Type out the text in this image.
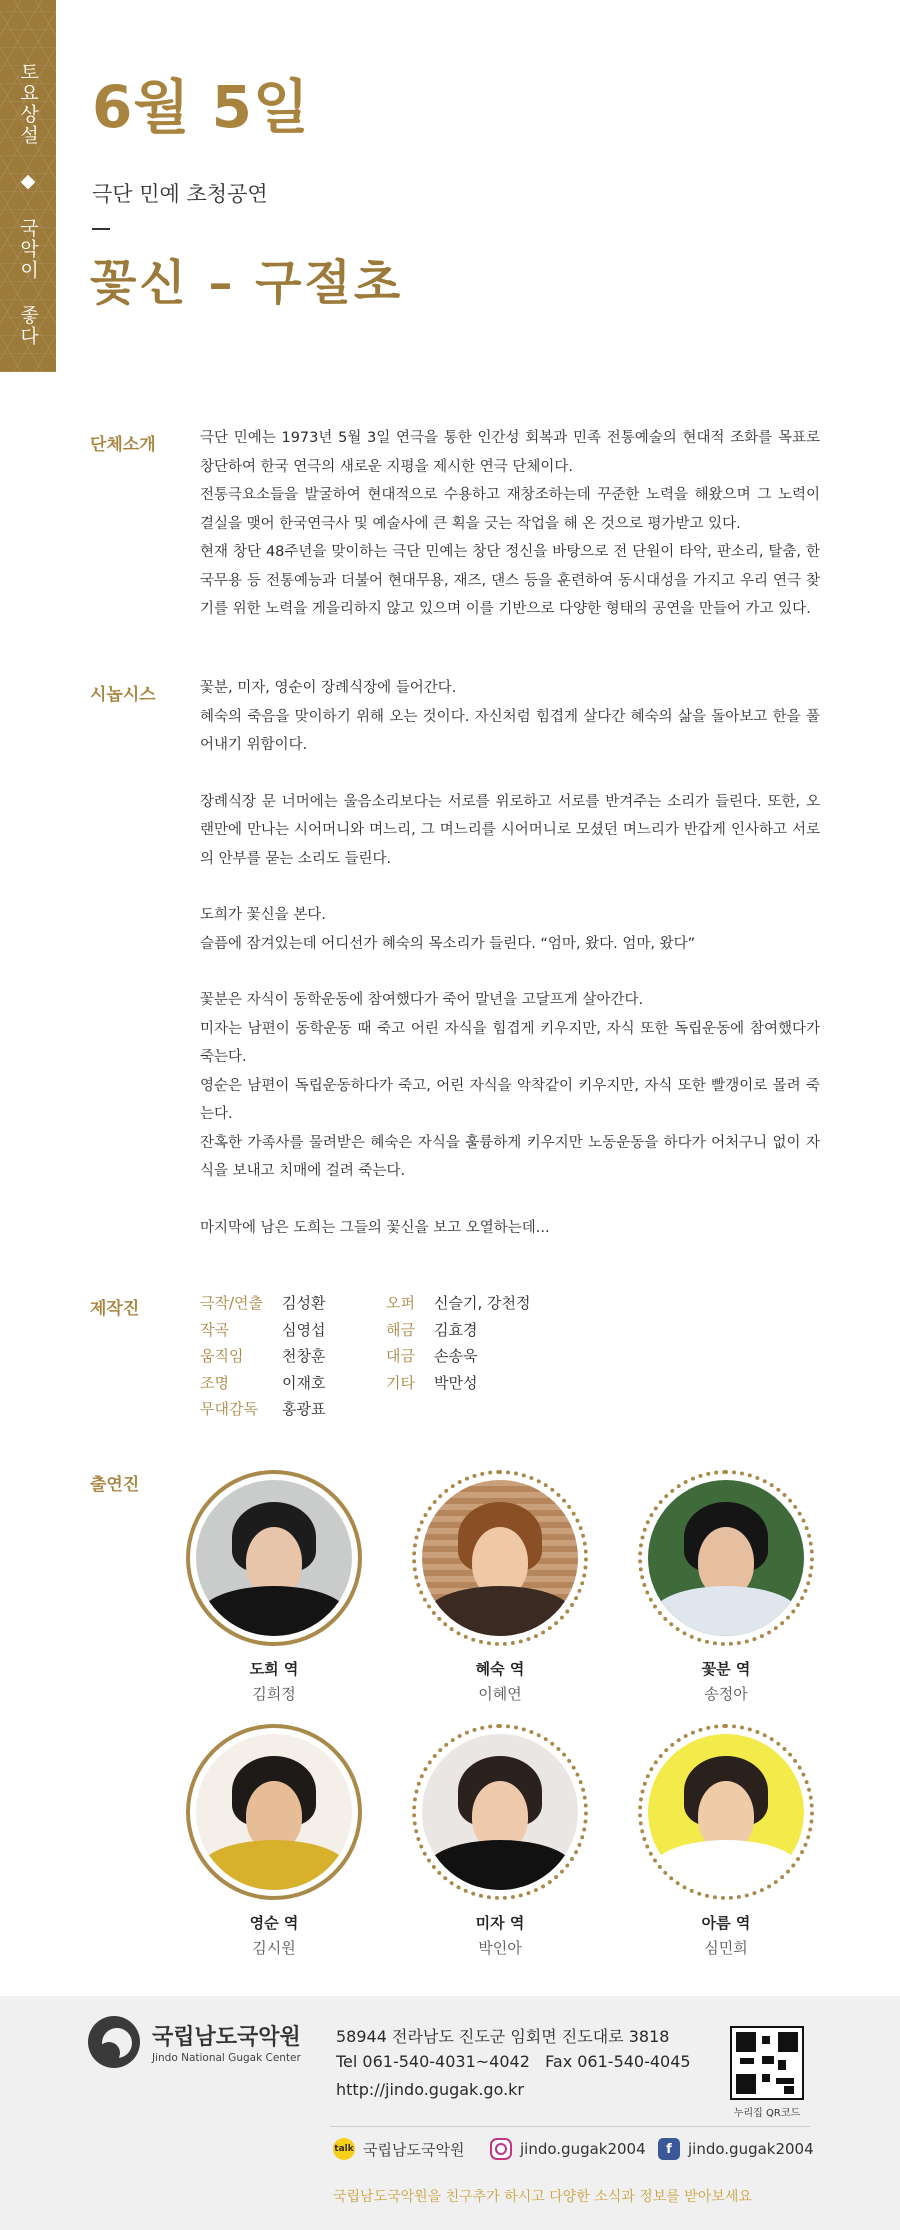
토요상설 ◆ 국악이 좋다 6월 5일
극단 민예 초청공연
꽃신 – 구절초
단체소개	극단 민예는 1973년 5월 3일 연극을 통한 인간성 회복과 민족 전통예술의 현대적 조화를 목표로 창단하여 한국 연극의 새로운 지평을 제시한 연극 단체이다.

전통극요소들을 발굴하여 현대적으로 수용하고 재창조하는데 꾸준한 노력을 해왔으며 그 노력이 결실을 맺어 한국연극사 및 예술사에 큰 획을 긋는 작업을 해 온 것으로 평가받고 있다.

현재 창단 48주년을 맞이하는 극단 민예는 창단 정신을 바탕으로 전 단원이 타악, 판소리, 탈춤, 한국무용 등 전통예능과 더불어 현대무용, 재즈, 댄스 등을 훈련하여 동시대성을 가지고 우리 연극 찾기를 위한 노력을 게을리하지 않고 있으며 이를 기반으로 다양한 형태의 공연을 만들어 가고 있다.

시놉시스	꽃분, 미자, 영순이 장례식장에 들어간다.

혜숙의 죽음을 맞이하기 위해 오는 것이다. 자신처럼 힘겹게 살다간 혜숙의 삶을 돌아보고 한을 풀어내기 위함이다.

장례식장 문 너머에는 울음소리보다는 서로를 위로하고 서로를 반겨주는 소리가 들린다. 또한, 오랜만에 만나는 시어머니와 며느리, 그 며느리를 시어머니로 모셨던 며느리가 반갑게 인사하고 서로의 안부를 묻는 소리도 들린다.

도희가 꽃신을 본다.

슬픔에 잠겨있는데 어디선가 혜숙의 목소리가 들린다. “엄마, 왔다. 엄마, 왔다”

꽃분은 자식이 동학운동에 참여했다가 죽어 말년을 고달프게 살아간다.

미자는 남편이 동학운동 때 죽고 어린 자식을 힘겹게 키우지만, 자식 또한 독립운동에 참여했다가 죽는다.

영순은 남편이 독립운동하다가 죽고, 어린 자식을 악착같이 키우지만, 자식 또한 빨갱이로 몰려 죽는다.

잔혹한 가족사를 물려받은 혜숙은 자식을 훌륭하게 키우지만 노동운동을 하다가 어처구니 없이 자식을 보내고 치매에 걸려 죽는다.

마지막에 남은 도희는 그들의 꽃신을 보고 오열하는데...

제작진	극작/연출	김성환
작곡	심영섭
움직임	천창훈
조명	이재호
무대감독	홍광표
오퍼	신슬기, 강천정
해금	김효경
대금	손송욱
기타	박만성
출연진
도희 역
김희정
혜숙 역
이혜연
꽃분 역
송정아
영순 역
김시원
미자 역
박인아
아름 역
심민희
국립남도국악원
Jindo National Gugak Center
58944 전라남도 진도군 임회면 진도대로 3818
Tel 061-540-4031~4042   Fax 061-540-4045
http://jindo.gugak.go.kr
누리집 QR코드
talk 국립남도국악원	jindo.gugak2004	f	jindo.gugak2004
국립남도국악원을 친구추가 하시고 다양한 소식과 정보를 받아보세요
